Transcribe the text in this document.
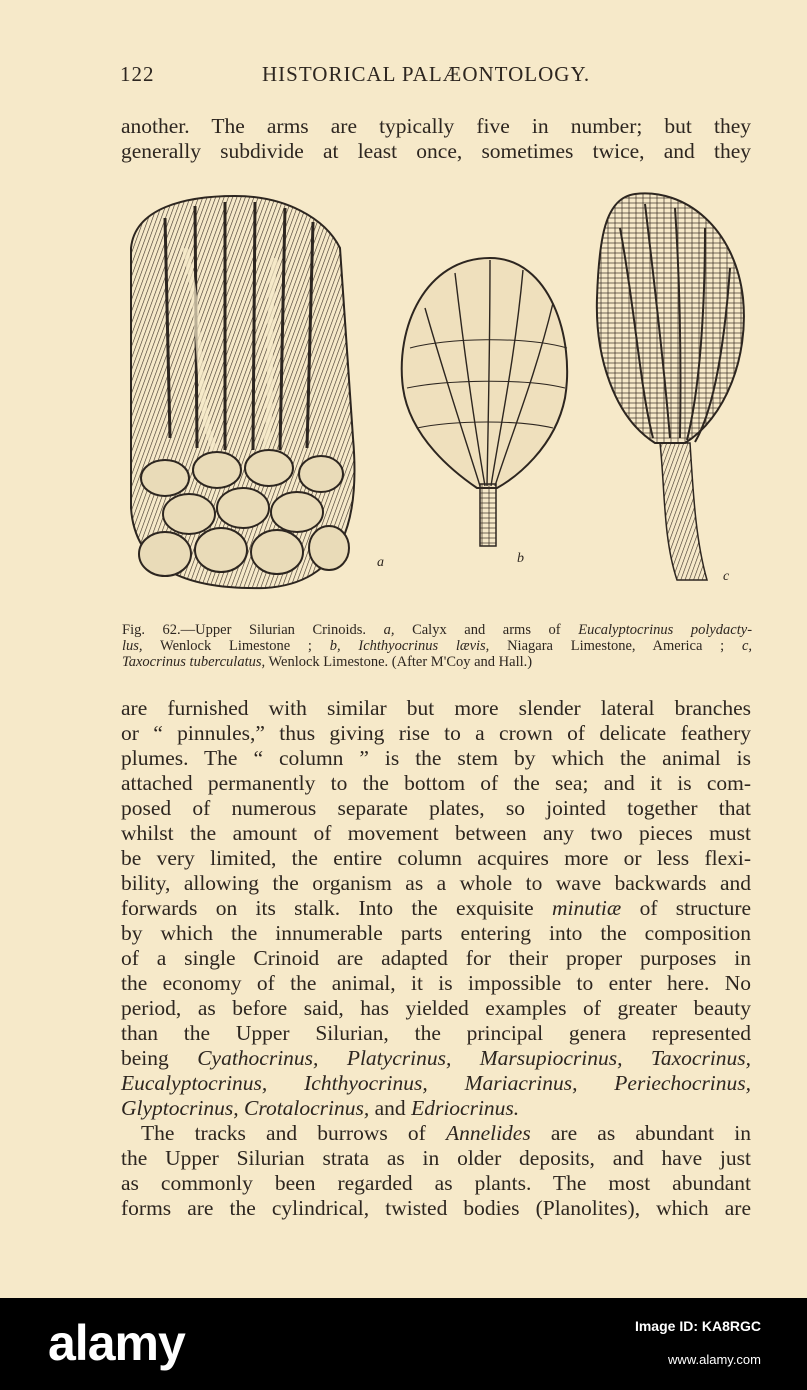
122	HISTORICAL PALÆONTOLOGY.
another. The arms are typically five in number; but they
generally subdivide at least once, sometimes twice, and they
a	b
c
Fig. 62.—Upper Silurian Crinoids. a, Calyx and arms of Eucalyptocrinus polydacty-
lus, Wenlock Limestone ; b, Ichthyocrinus lævis, Niagara Limestone, America ; c,
Taxocrinus tuberculatus, Wenlock Limestone. (After M'Coy and Hall.)
are furnished with similar but more slender lateral branches
or “ pinnules,” thus giving rise to a crown of delicate feathery
plumes. The “ column ” is the stem by which the animal is
attached permanently to the bottom of the sea; and it is com-
posed of numerous separate plates, so jointed together that
whilst the amount of movement between any two pieces must
be very limited, the entire column acquires more or less flexi-
bility, allowing the organism as a whole to wave backwards and
forwards on its stalk. Into the exquisite minutiæ of structure
by which the innumerable parts entering into the composition
of a single Crinoid are adapted for their proper purposes in
the economy of the animal, it is impossible to enter here. No
period, as before said, has yielded examples of greater beauty
than the Upper Silurian, the principal genera represented
being Cyathocrinus, Platycrinus, Marsupiocrinus, Taxocrinus,
Eucalyptocrinus, Ichthyocrinus, Mariacrinus, Periechocrinus,
Glyptocrinus, Crotalocrinus, and Edriocrinus.
The tracks and burrows of Annelides are as abundant in
the Upper Silurian strata as in older deposits, and have just
as commonly been regarded as plants. The most abundant
forms are the cylindrical, twisted bodies (Planolites), which are
alamy	Image ID: KA8RGC
www.alamy.com
